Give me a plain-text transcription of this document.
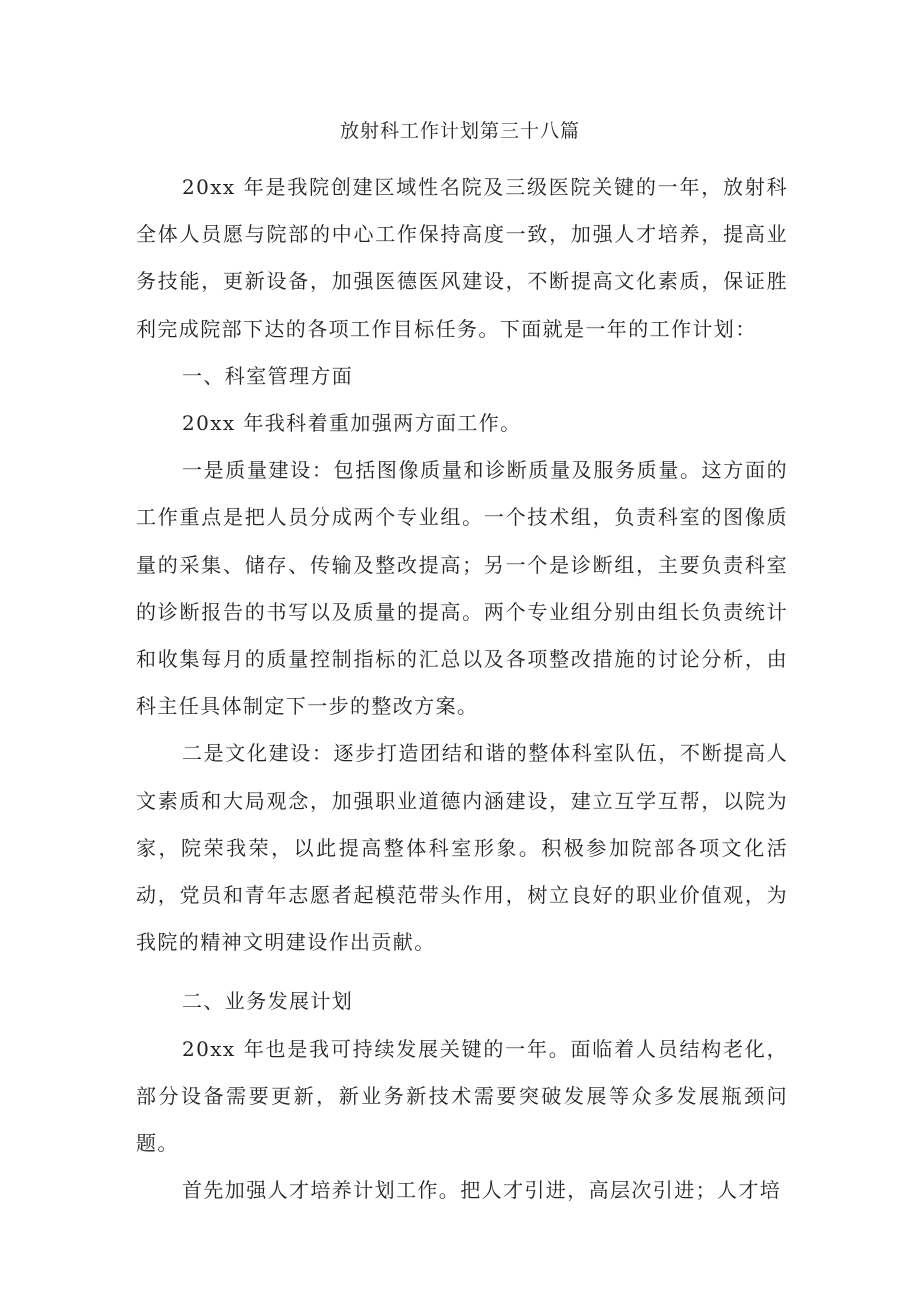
放射科工作计划第三十八篇

20xx 年是我院创建区域性名院及三级医院关键的一年，放射科全体人员愿与院部的中心工作保持高度一致，加强人才培养，提高业务技能，更新设备，加强医德医风建设，不断提高文化素质，保证胜利完成院部下达的各项工作目标任务。下面就是一年的工作计划：

一、科室管理方面

20xx 年我科着重加强两方面工作。

一是质量建设：包括图像质量和诊断质量及服务质量。这方面的工作重点是把人员分成两个专业组。一个技术组，负责科室的图像质量的采集、储存、传输及整改提高；另一个是诊断组，主要负责科室的诊断报告的书写以及质量的提高。两个专业组分别由组长负责统计和收集每月的质量控制指标的汇总以及各项整改措施的讨论分析，由科主任具体制定下一步的整改方案。

二是文化建设：逐步打造团结和谐的整体科室队伍，不断提高人文素质和大局观念，加强职业道德内涵建设，建立互学互帮，以院为家，院荣我荣，以此提高整体科室形象。积极参加院部各项文化活动，党员和青年志愿者起模范带头作用，树立良好的职业价值观，为我院的精神文明建设作出贡献。

二、业务发展计划

20xx 年也是我可持续发展关键的一年。面临着人员结构老化，部分设备需要更新，新业务新技术需要突破发展等众多发展瓶颈问题。

首先加强人才培养计划工作。把人才引进，高层次引进；人才培
